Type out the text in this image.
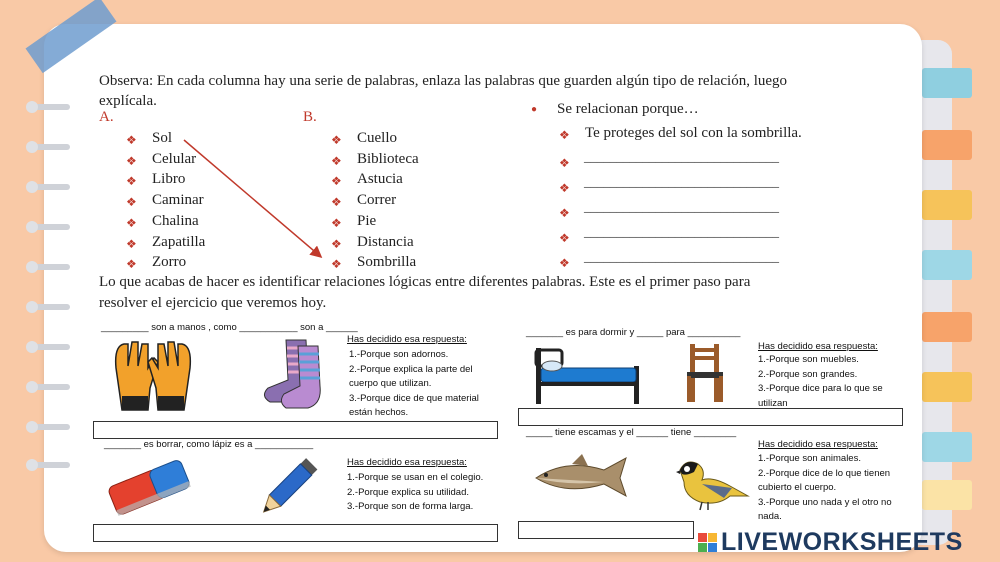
Observa: En cada columna hay una serie de palabras, enlaza las palabras que guarden algún tipo de relación, luego
explícala.
A.
❖ Sol
❖ Celular
❖ Libro
❖ Caminar
❖ Chalina
❖ Zapatilla
❖ Zorro
B.
❖ Cuello
❖ Biblioteca
❖ Astucia
❖ Correr
❖ Pie
❖ Distancia
❖ Sombrilla
● Se relacionan porque…
❖ Te proteges del sol con la sombrilla.
❖ ______________________________
❖ ______________________________
❖ ______________________________
❖ ______________________________
❖ ______________________________
Lo que acabas de hacer es identificar relaciones lógicas entre diferentes palabras. Este es el primer paso para
resolver el ejercicio que veremos hoy.
_________ son a manos , como ___________ son a ______
Has decidido esa respuesta:
1.-Porque son adornos.
2.-Porque explica la parte del
cuerpo que utilizan.
3.-Porque dice de que material
están hechos.
_______ es para dormir y _____ para __________
Has decidido esa respuesta:
1.-Porque son muebles.
2.-Porque son grandes.
3.-Porque dice para lo que se
utilizan
_______ es borrar, como lápiz es a ___________
Has decidido esa respuesta:
1.-Porque se usan en el colegio.
2.-Porque explica su utilidad.
3.-Porque son de forma larga.
_____ tiene escamas y el ______ tiene ________
Has decidido esa respuesta:
1.-Porque son animales.
2.-Porque dice de lo que tienen
cubierto el cuerpo.
3.-Porque uno nada y el otro no
nada.
LIVEWORKSHEETS
